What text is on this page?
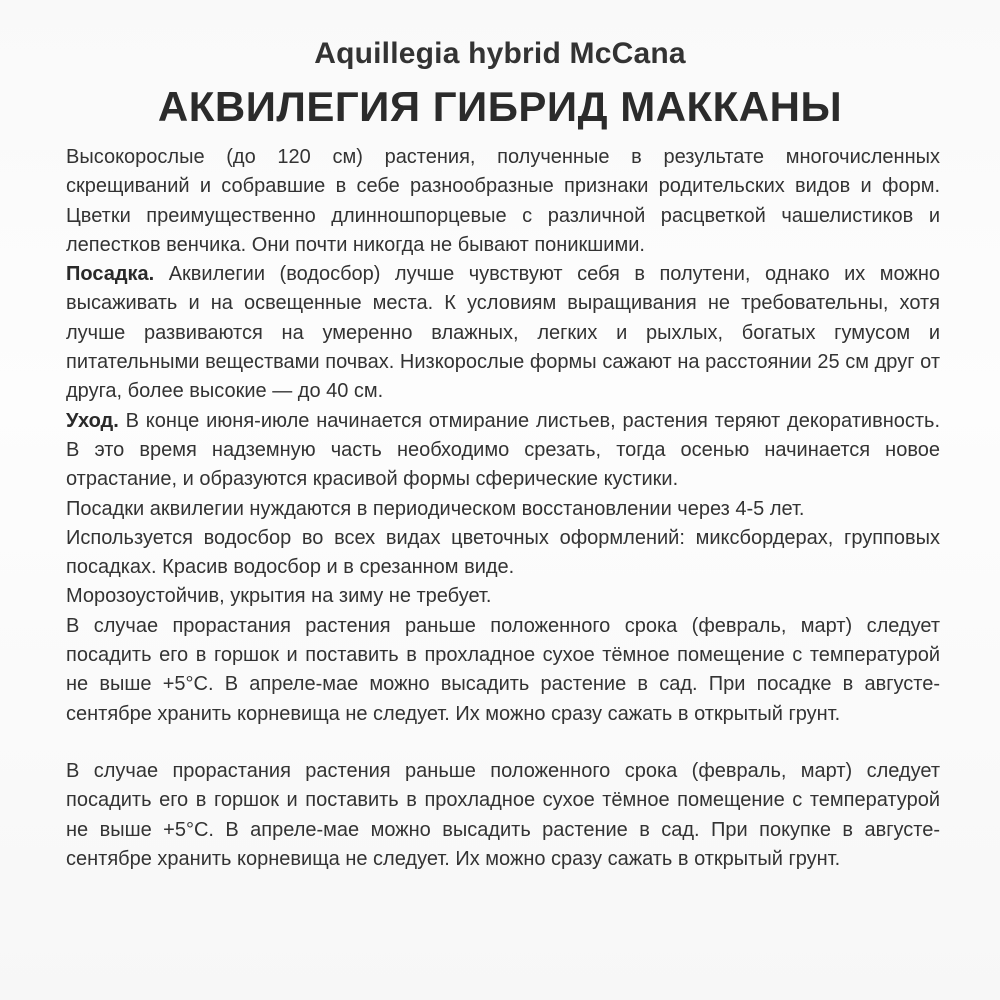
Aquillegia hybrid McCana
АКВИЛЕГИЯ ГИБРИД МАККАНЫ

Высокорослые (до 120 см) растения, полученные в результате многочисленных скрещиваний и собравшие в себе разнообразные признаки родительских видов и форм. Цветки преимущественно длинношпорцевые с различной расцветкой чашелистиков и лепестков венчика. Они почти никогда не бывают поникшими.

Посадка. Аквилегии (водосбор) лучше чувствуют себя в полутени, однако их можно высаживать и на освещенные места. К условиям выращивания не требовательны, хотя лучше развиваются на умеренно влажных, легких и рыхлых, богатых гумусом и питательными веществами почвах. Низкорослые формы сажают на расстоянии 25 см друг от друга, более высокие — до 40 см.

Уход. В конце июня-июле начинается отмирание листьев, растения теряют декоративность. В это время надземную часть необходимо срезать, тогда осенью начинается новое отрастание, и образуются красивой формы сферические кустики.

Посадки аквилегии нуждаются в периодическом восстановлении через 4-5 лет.

Используется водосбор во всех видах цветочных оформлений: миксбордерах, групповых посадках. Красив водосбор и в срезанном виде.

Морозоустойчив, укрытия на зиму не требует.

В случае прорастания растения раньше положенного срока (февраль, март) следует посадить его в горшок и поставить в прохладное сухое тёмное помещение с температурой не выше +5°С. В апреле-мае можно высадить растение в сад. При посадке в августе-сентябре хранить корневища не следует. Их можно сразу сажать в открытый грунт.

В случае прорастания растения раньше положенного срока (февраль, март) следует посадить его в горшок и поставить в прохладное сухое тёмное помещение с температурой не выше +5°С. В апреле-мае можно высадить растение в сад. При покупке в августе-сентябре хранить корневища не следует. Их можно сразу сажать в открытый грунт.
